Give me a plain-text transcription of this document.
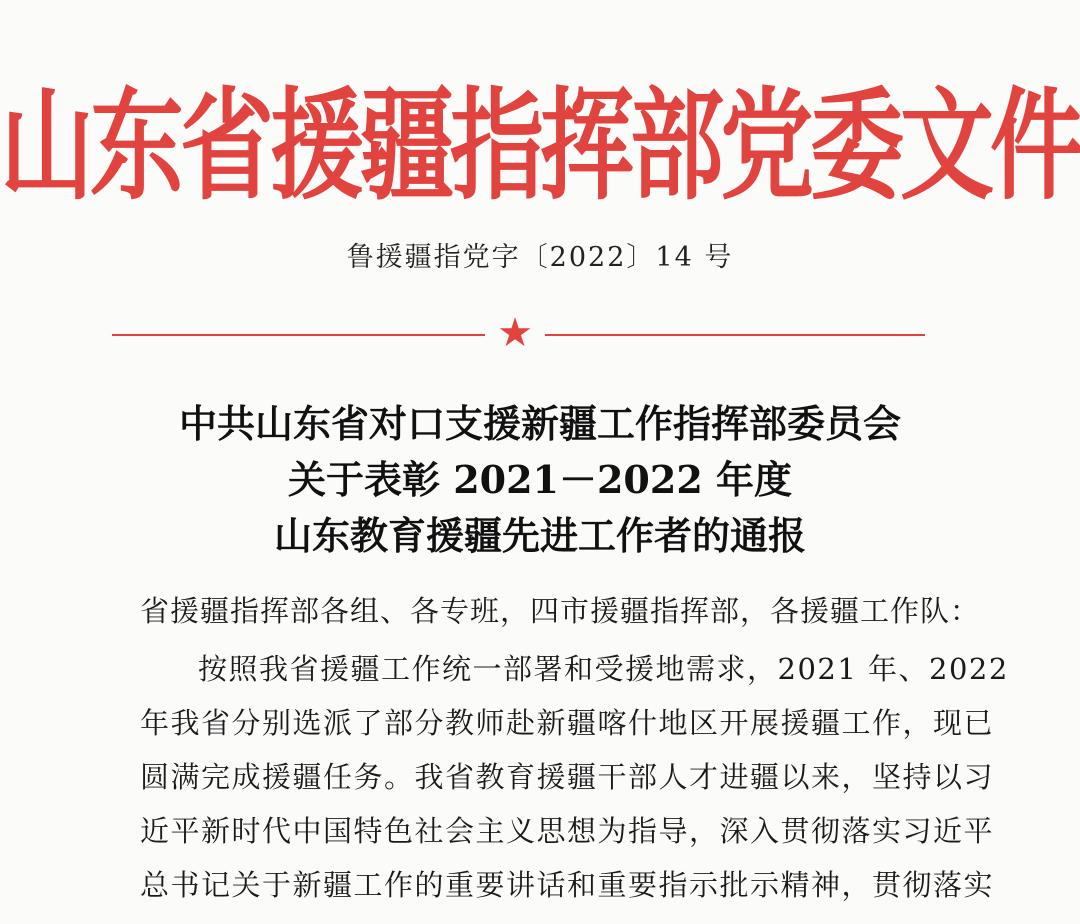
山东省援疆指挥部党委文件
鲁援疆指党字〔2022〕14 号
★
中共山东省对口支援新疆工作指挥部委员会
关于表彰 2021－2022 年度
山东教育援疆先进工作者的通报
省援疆指挥部各组、各专班，四市援疆指挥部，各援疆工作队：
按照我省援疆工作统一部署和受援地需求，2021 年、2022
年我省分别选派了部分教师赴新疆喀什地区开展援疆工作，现已
圆满完成援疆任务。我省教育援疆干部人才进疆以来，坚持以习
近平新时代中国特色社会主义思想为指导，深入贯彻落实习近平
总书记关于新疆工作的重要讲话和重要指示批示精神，贯彻落实
